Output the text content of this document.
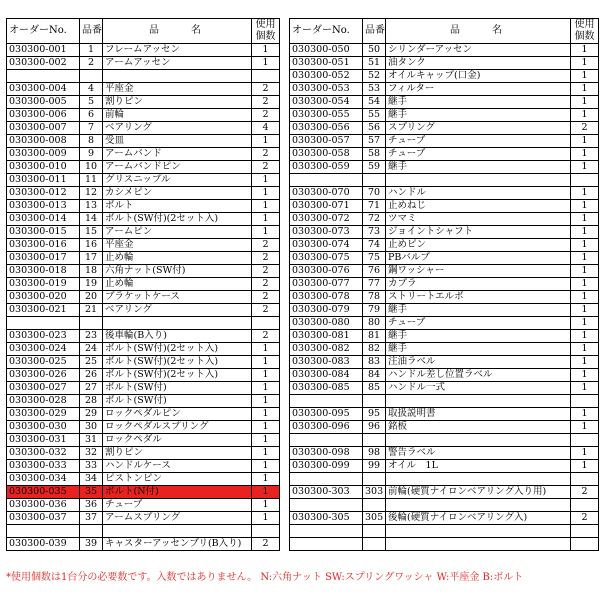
オーダーNo.	品番	品　　名	使用
個数
030300-001	1	フレームアッセン	1
030300-002	2	アームアッセン	1

030300-004	4	平座金	2
030300-005	5	割りピン	2
030300-006	6	前輪	2
030300-007	7	ベアリング	4
030300-008	8	受皿	1
030300-009	9	アームバンド	2
030300-010	10	アームバンドピン	2
030300-011	11	グリスニップル	1
030300-012	12	カシメピン	1
030300-013	13	ボルト	1
030300-014	14	ボルト(SW付)(2セット入)	1
030300-015	15	アームピン	1
030300-016	16	平座金	2
030300-017	17	止め輪	2
030300-018	18	六角ナット(SW付)	2
030300-019	19	止め輪	2
030300-020	20	ブラケットケース	2
030300-021	21	ベアリング	2

030300-023	23	後車輪(B入り)	2
030300-024	24	ボルト(SW付)(2セット入)	1
030300-025	25	ボルト(SW付)(2セット入)	1
030300-026	26	ボルト(SW付)(2セット入)	1
030300-027	27	ボルト(SW付)	1
030300-028	28	ボルト(SW付)	1
030300-029	29	ロックペダルピン	1
030300-030	30	ロックペダルスプリング	1
030300-031	31	ロックペダル	1
030300-032	32	割りピン	1
030300-033	33	ハンドルケース	1
030300-034	34	ピストンピン	1
030300-035	35	ボルト(N付)	1
030300-036	36	チューブ	1
030300-037	37	アームスプリング	1

030300-039	39	キャスターアッセンブリ(B入り)	2
オーダーNo.	品番	品　　名	使用
個数
030300-050	50	シリンダーアッセン	1
030300-051	51	油タンク	1
030300-052	52	オイルキャップ(口金)	1
030300-053	53	フィルター	1
030300-054	54	継手	1
030300-055	55	継手	1
030300-056	56	スプリング	2
030300-057	57	チューブ	1
030300-058	58	チューブ	1
030300-059	59	継手	1

030300-070	70	ハンドル	1
030300-071	71	止めねじ	1
030300-072	72	ツマミ	1
030300-073	73	ジョイントシャフト	1
030300-074	74	止めピン	1
030300-075	75	PBバルブ	1
030300-076	76	鋼ワッシャー	1
030300-077	77	カプラ	1
030300-078	78	ストリートエルボ	1
030300-079	79	継手	1
030300-080	80	チューブ	1
030300-081	81	継手	1
030300-082	82	継手	1
030300-083	83	注油ラベル	1
030300-084	84	ハンドル差し位置ラベル	1
030300-085	85	ハンドル一式	1

030300-095	95	取扱説明書	1
030300-096	96	銘板	1

030300-098	98	警告ラベル	1
030300-099	99	オイル　1L	1

030300-303	303	前輪(硬質ナイロンベアリング入り用)	2

030300-305	305	後輪(硬質ナイロンベアリング入)	2

*使用個数は1台分の必要数です。入数ではありません。 N:六角ナット SW:スプリングワッシャ W:平座金 B:ボルト
